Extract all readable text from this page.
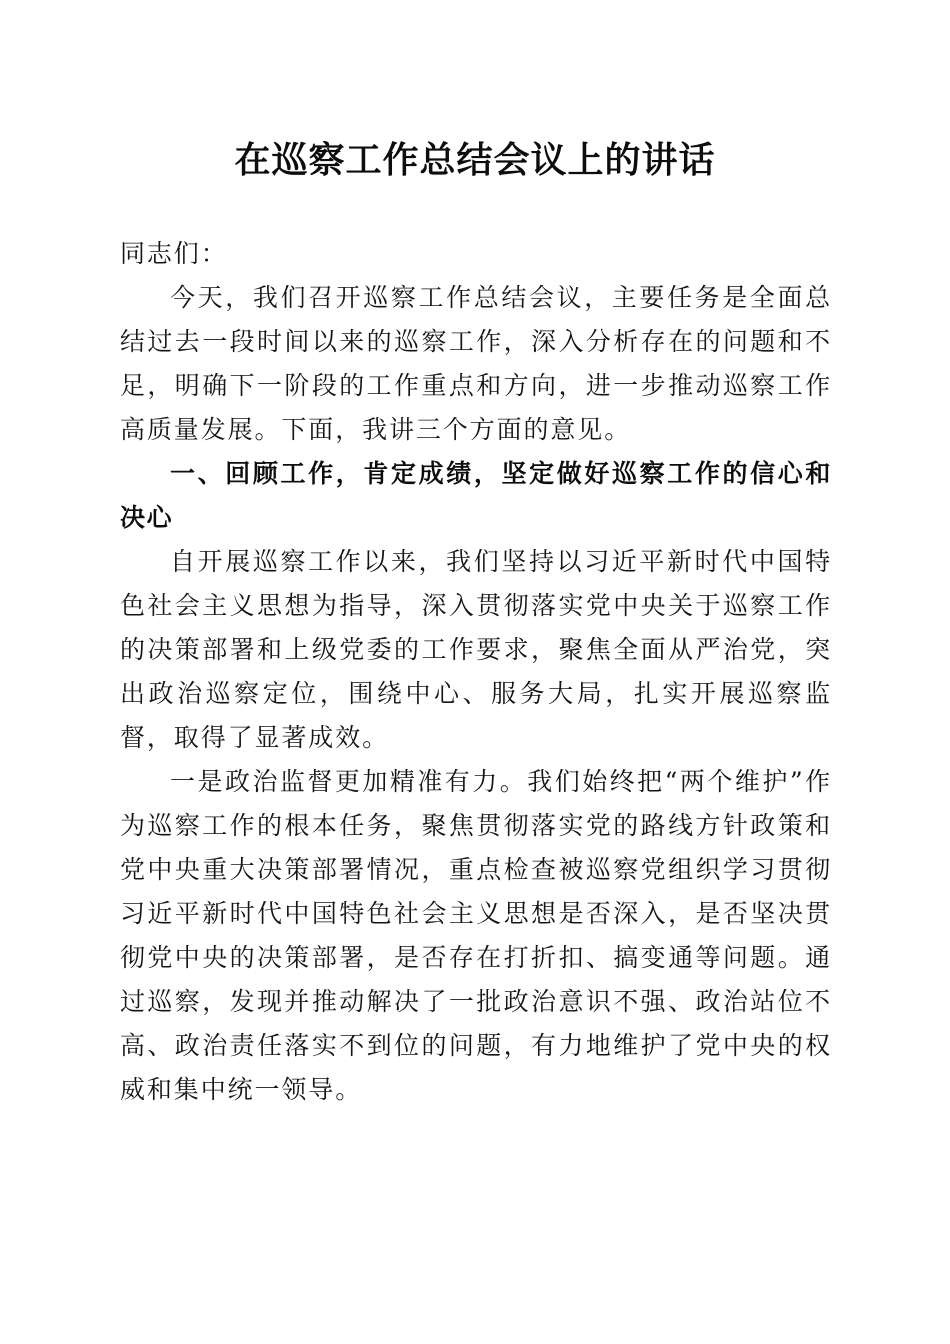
在巡察工作总结会议上的讲话

同志们：

今天，我们召开巡察工作总结会议，主要任务是全面总结过去一段时间以来的巡察工作，深入分析存在的问题和不足，明确下一阶段的工作重点和方向，进一步推动巡察工作高质量发展。下面，我讲三个方面的意见。

一、回顾工作，肯定成绩，坚定做好巡察工作的信心和决心

自开展巡察工作以来，我们坚持以习近平新时代中国特色社会主义思想为指导，深入贯彻落实党中央关于巡察工作的决策部署和上级党委的工作要求，聚焦全面从严治党，突出政治巡察定位，围绕中心、服务大局，扎实开展巡察监督，取得了显著成效。

一是政治监督更加精准有力。我们始终把“两个维护”作为巡察工作的根本任务，聚焦贯彻落实党的路线方针政策和党中央重大决策部署情况，重点检查被巡察党组织学习贯彻习近平新时代中国特色社会主义思想是否深入，是否坚决贯彻党中央的决策部署，是否存在打折扣、搞变通等问题。通过巡察，发现并推动解决了一批政治意识不强、政治站位不高、政治责任落实不到位的问题，有力地维护了党中央的权威和集中统一领导。
